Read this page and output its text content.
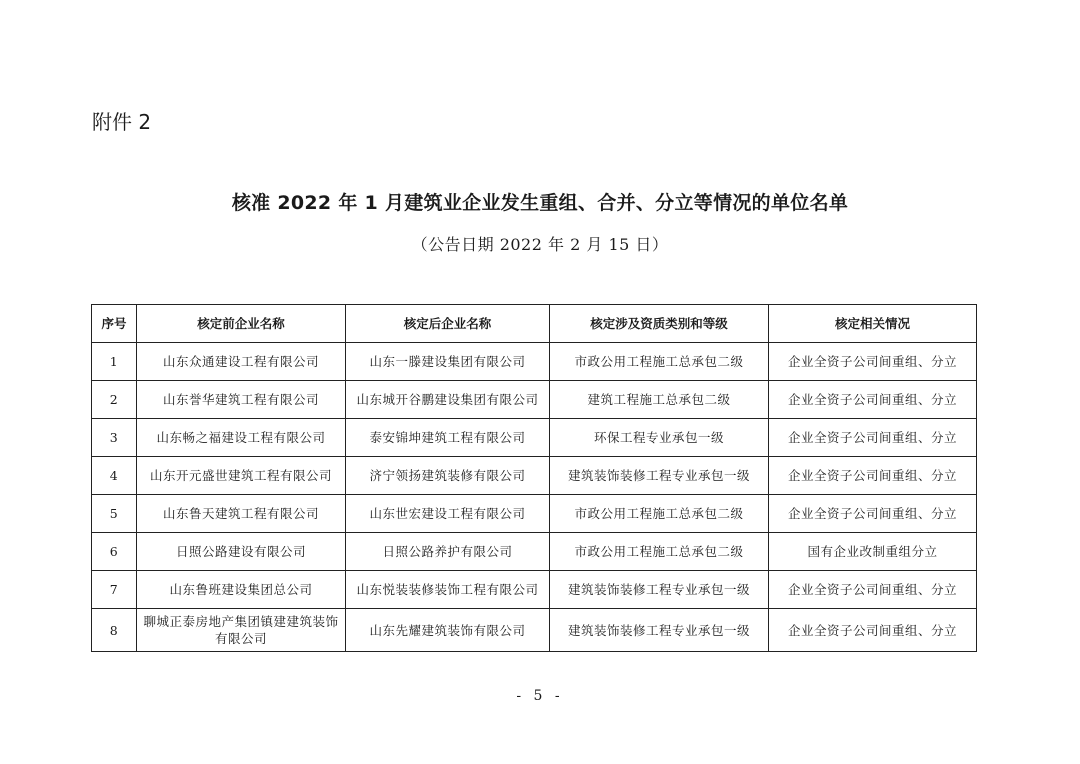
附件 2
核准 2022 年 1 月建筑业企业发生重组、合并、分立等情况的单位名单
（公告日期 2022 年 2 月 15 日）
序号	核定前企业名称	核定后企业名称	核定涉及资质类别和等级	核定相关情况
1	山东众通建设工程有限公司	山东一滕建设集团有限公司	市政公用工程施工总承包二级	企业全资子公司间重组、分立
2	山东誉华建筑工程有限公司	山东城开谷鹏建设集团有限公司	建筑工程施工总承包二级	企业全资子公司间重组、分立
3	山东畅之福建设工程有限公司	泰安锦坤建筑工程有限公司	环保工程专业承包一级	企业全资子公司间重组、分立
4	山东开元盛世建筑工程有限公司	济宁领扬建筑装修有限公司	建筑装饰装修工程专业承包一级	企业全资子公司间重组、分立
5	山东鲁天建筑工程有限公司	山东世宏建设工程有限公司	市政公用工程施工总承包二级	企业全资子公司间重组、分立
6	日照公路建设有限公司	日照公路养护有限公司	市政公用工程施工总承包二级	国有企业改制重组分立
7	山东鲁班建设集团总公司	山东悦装装修装饰工程有限公司	建筑装饰装修工程专业承包一级	企业全资子公司间重组、分立
8	聊城正泰房地产集团镇建建筑装饰有限公司	山东先耀建筑装饰有限公司	建筑装饰装修工程专业承包一级	企业全资子公司间重组、分立
- 5 -
